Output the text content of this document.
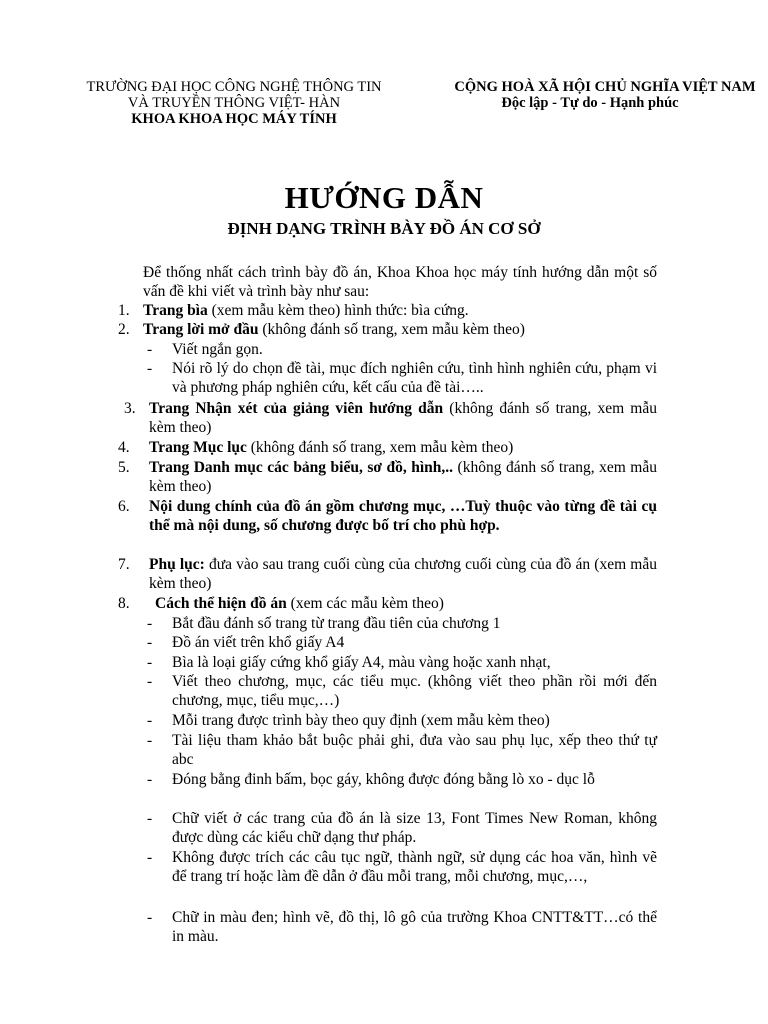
TRƯỜNG ĐẠI HỌC CÔNG NGHỆ THÔNG TIN
VÀ TRUYỀN THÔNG VIỆT- HÀN
KHOA KHOA HỌC MÁY TÍNH
CỘNG HOÀ XÃ HỘI CHỦ NGHĨA VIỆT NAM
Độc lập - Tự do - Hạnh phúc
HƯỚNG DẪN
ĐỊNH DẠNG TRÌNH BÀY ĐỒ ÁN CƠ SỞ
Để thống nhất cách trình bày đồ án, Khoa Khoa học máy tính hướng dẫn một số vấn đề khi viết và trình bày như sau:
1. Trang bìa (xem mẫu kèm theo) hình thức: bìa cứng.
2. Trang lời mở đầu (không đánh số trang, xem mẫu kèm theo)
- Viết ngắn gọn.
- Nói rõ lý do chọn đề tài, mục đích nghiên cứu, tình hình nghiên cứu, phạm vi và phương pháp nghiên cứu, kết cấu của đề tài…..
3. Trang Nhận xét của giảng viên hướng dẫn (không đánh số trang, xem mẫu kèm theo)
4. Trang Mục lục (không đánh số trang, xem mẫu kèm theo)
5. Trang Danh mục các bảng biểu, sơ đồ, hình,.. (không đánh số trang, xem mẫu kèm theo)
6. Nội dung chính của đồ án gồm chương mục, …Tuỳ thuộc vào từng đề tài cụ thể mà nội dung, số chương được bố trí cho phù hợp.
7. Phụ lục: đưa vào sau trang cuối cùng của chương cuối cùng của đồ án (xem mẫu kèm theo)
8. Cách thể hiện đồ án (xem các mẫu kèm theo)
- Bắt đầu đánh số trang từ trang đầu tiên của chương 1
- Đồ án viết trên khổ giấy A4
- Bìa là loại giấy cứng khổ giấy A4, màu vàng hoặc xanh nhạt,
- Viết theo chương, mục, các tiểu mục. (không viết theo phần rồi mới đến chương, mục, tiểu mục,…)
- Mỗi trang được trình bày theo quy định (xem mẫu kèm theo)
- Tài liệu tham khảo bắt buộc phải ghi, đưa vào sau phụ lục, xếp theo thứ tự abc
- Đóng bằng đinh bấm, bọc gáy, không được đóng bằng lò xo - dục lỗ
- Chữ viết ở các trang của đồ án là size 13, Font Times New Roman, không được dùng các kiểu chữ dạng thư pháp.
- Không được trích các câu tục ngữ, thành ngữ, sử dụng các hoa văn, hình vẽ để trang trí hoặc làm đề dẫn ở đầu mỗi trang, mỗi chương, mục,…,
- Chữ in màu đen; hình vẽ, đồ thị, lô gô của trường Khoa CNTT&TT…có thể in màu.
